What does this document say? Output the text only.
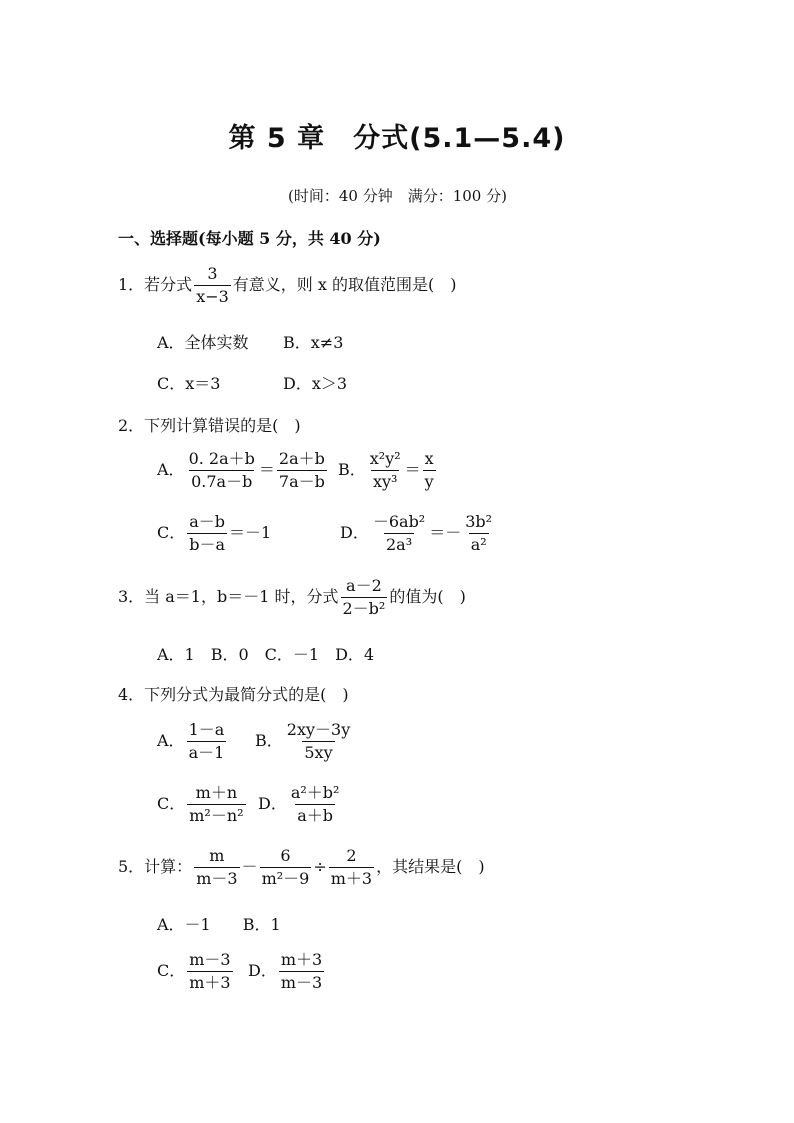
第 5 章　分式(5.1—5.4)
(时间：40 分钟　满分：100 分)
一、选择题(每小题 5 分，共 40 分)
1．若分式 $\frac{3}{x-3}$ 有意义，则 x 的取值范围是(　)
A．全体实数 B．x≠3
C．x＝3	D．x＞3
2．下列计算错误的是(　)
A． $\frac{0. 2a+b}{0.7a-b} = \frac{2a+b}{7a-b}$ B． $\frac{\text{x²y²}}{\text{xy³}} = \frac{x}{y}$
C． $\frac{a-b}{b-a} =-1$	D． $\frac{\text{－6ab²}}{\text{2a³}} =- \frac{\text{3b²}}{\text{a²}}$
3．当 a＝1，b＝－1 时，分式 $\frac{a-2}{\text{2－b²}}$ 的值为(　)
A．1　B．0　C．－1　D．4
4．下列分式为最简分式的是(　)
A． $\frac{1-a}{a-1}$ B． $\frac{2xy-3y}{5xy}$
C． $\frac{m+n}{\text{m²－n²}}$ D． $\frac{\text{a²＋b²}}{a+b}$
5．计算： $\frac{m}{m-3} - \frac{6}{\text{m²－9}} \div \frac{2}{m+3}$ ，其结果是(　)
A．－1　　B．1
C． $\frac{m-3}{m+3}$ D． $\frac{m+3}{m-3}$
